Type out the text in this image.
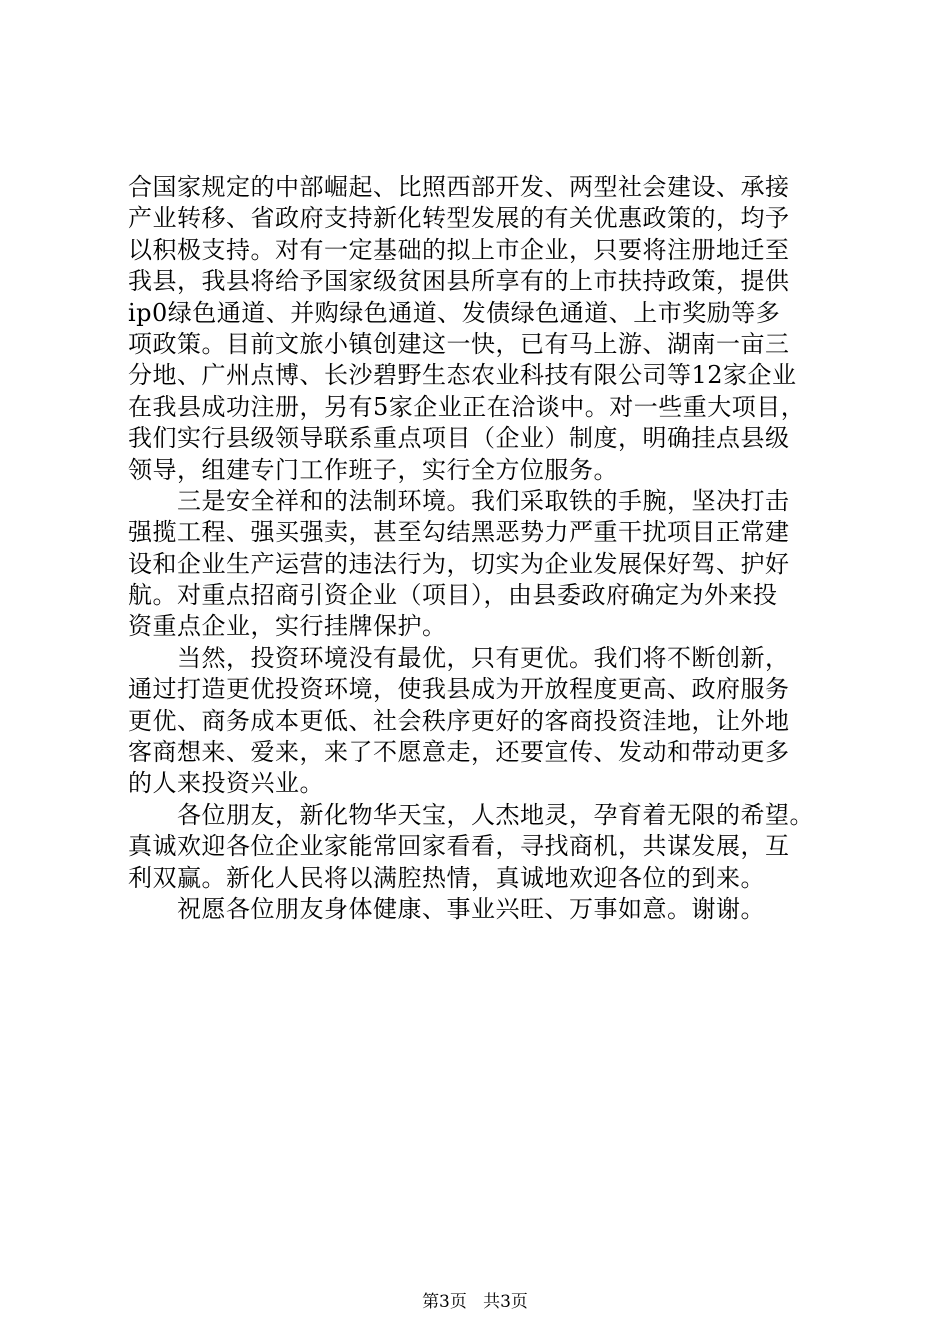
合国家规定的中部崛起、比照西部开发、两型社会建设、承接
产业转移、省政府支持新化转型发展的有关优惠政策的，均予
以积极支持。对有一定基础的拟上市企业，只要将注册地迁至
我县，我县将给予国家级贫困县所享有的上市扶持政策，提供
ip0绿色通道、并购绿色通道、发债绿色通道、上市奖励等多
项政策。目前文旅小镇创建这一快，已有马上游、湖南一亩三
分地、广州点博、长沙碧野生态农业科技有限公司等12家企业
在我县成功注册，另有5家企业正在洽谈中。对一些重大项目，
我们实行县级领导联系重点项目（企业）制度，明确挂点县级
领导，组建专门工作班子，实行全方位服务。
　　三是安全祥和的法制环境。我们采取铁的手腕，坚决打击
强揽工程、强买强卖，甚至勾结黑恶势力严重干扰项目正常建
设和企业生产运营的违法行为，切实为企业发展保好驾、护好
航。对重点招商引资企业（项目），由县委政府确定为外来投
资重点企业，实行挂牌保护。
　　当然，投资环境没有最优，只有更优。我们将不断创新，
通过打造更优投资环境，使我县成为开放程度更高、政府服务
更优、商务成本更低、社会秩序更好的客商投资洼地，让外地
客商想来、爱来，来了不愿意走，还要宣传、发动和带动更多
的人来投资兴业。
　　各位朋友，新化物华天宝，人杰地灵，孕育着无限的希望。
真诚欢迎各位企业家能常回家看看，寻找商机，共谋发展，互
利双赢。新化人民将以满腔热情，真诚地欢迎各位的到来。
　　祝愿各位朋友身体健康、事业兴旺、万事如意。谢谢。
第3页 共3页
